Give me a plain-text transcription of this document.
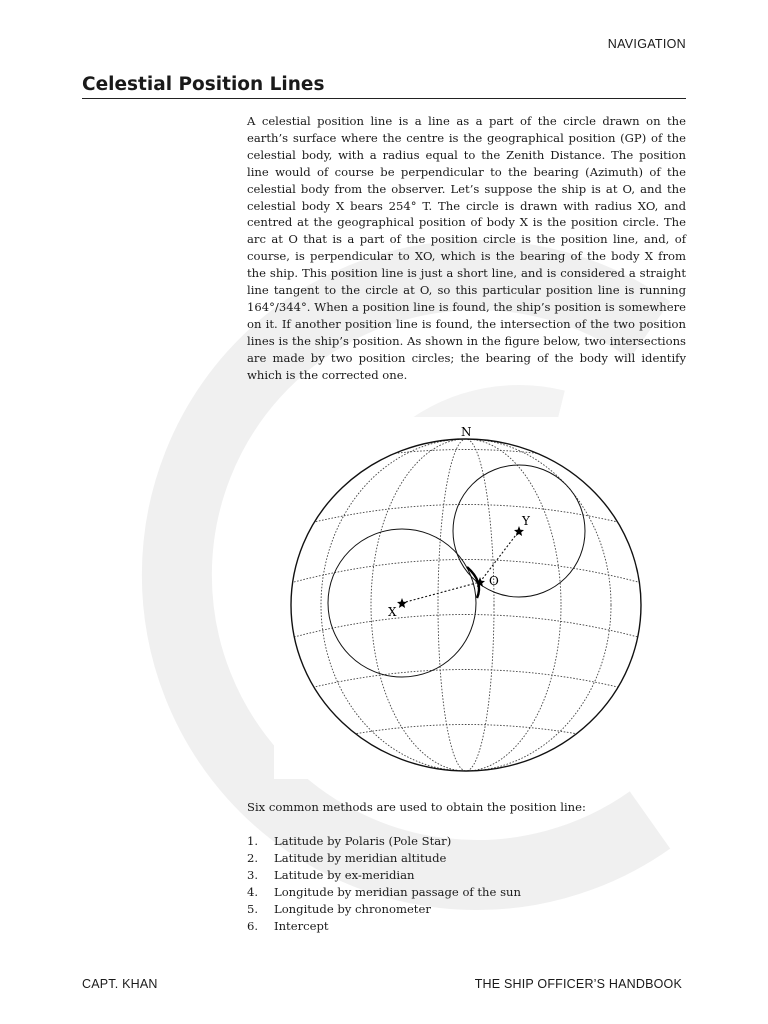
NAVIGATION
Celestial Position Lines

A celestial position line is a line as a part of the circle drawn on the earth’s surface where the centre is the geographical position (GP) of the celestial body, with a radius equal to the Zenith Distance. The position line would of course be perpendicular to the bearing (Azimuth) of the celestial body from the observer. Let’s suppose the ship is at O, and the celestial body X bears 254° T. The circle is drawn with radius XO, and centred at the geographical position of body X is the position circle. The arc at O that is a part of the position circle is the position line, and, of course, is perpendicular to XO, which is the bearing of the body X from the ship. This position line is just a short line, and is considered a straight line tangent to the circle at O, so this particular position line is running 164°/344°. When a position line is found, the ship’s position is somewhere on it. If another position line is found, the intersection of the two position lines is the ship’s position. As shown in the figure below, two intersections are made by two position circles; the bearing of the body will identify which is the corrected one.

N
X
Y
O

Six common methods are used to obtain the position line:

1.	Latitude by Polaris (Pole Star)
2.	Latitude by meridian altitude
3.	Latitude by ex-meridian
4.	Longitude by meridian passage of the sun
5.	Longitude by chronometer
6.	Intercept
CAPT. KHAN	THE SHIP OFFICER’S HANDBOOK
